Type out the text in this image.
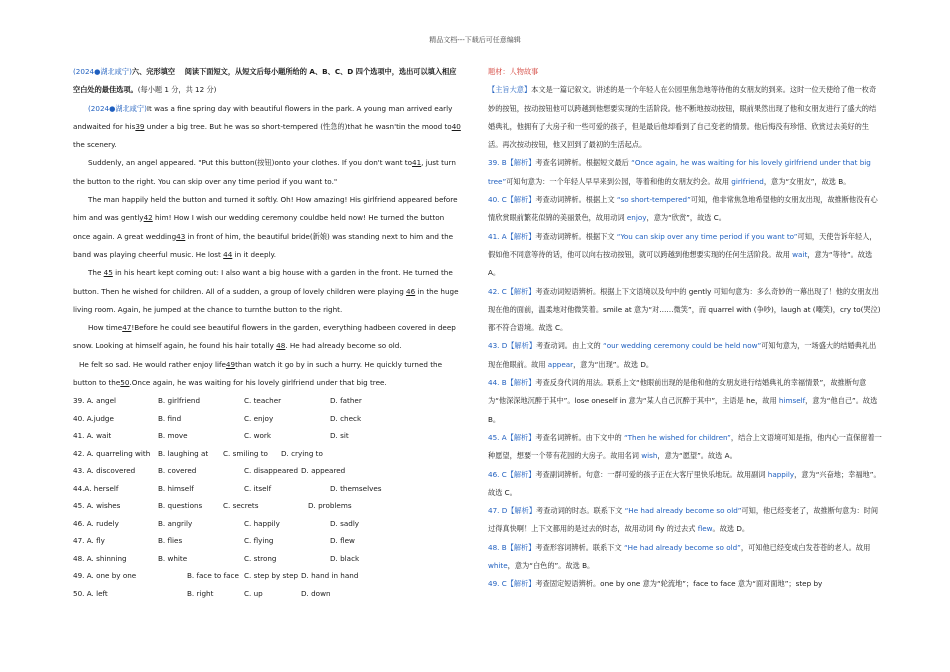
精品文档---下载后可任意编辑

(2024●湖北咸宁)六、完形填空　 阅读下面短文，从短文后每小题所给的 A、B、C、D 四个选项中，选出可以填入相应空白处的最佳选项。(每小题 1 分，共 12 分)

(2024●湖北咸宁)It was a fine spring day with beautiful flowers in the park. A young man arrived early andwaited for his39 under a big tree. But he was so short-tempered (性急的)that he wasn'tin the mood to40 the scenery.

Suddenly, an angel appeared. "Put this button(按钮)onto your clothes. If you don't want to41, just turn the button to the right. You can skip over any time period if you want to."

The man happily held the button and turned it softly. Oh! How amazing! His girlfriend appeared before him and was gently42 him! How I wish our wedding ceremony couldbe held now! He turned the button once again. A great wedding43 in front of him, the beautiful bride(新娘) was standing next to him and the band was playing cheerful music. He lost 44 in it deeply.

The 45 in his heart kept coming out: I also want a big house with a garden in the front. He turned the button. Then he wished for children. All of a sudden, a group of lovely children were playing 46 in the huge living room. Again, he jumped at the chance to turnthe button to the right.

How time47!Before he could see beautiful flowers in the garden, everything hadbeen covered in deep snow. Looking at himself again, he found his hair totally 48. He had already become so old.

He felt so sad. He would rather enjoy life49than watch it go by in such a hurry. He quickly turned the button to the50.Once again, he was waiting for his lovely girlfriend under that big tree.

39. A. angel	B. girlfriend	C. teacher	D. father
40. A.judge	B. find	C. enjoy	D. check
41. A. wait	B. move	C. work	D. sit
42. A. quarreling with B. laughing at C. smiling to D. crying to
43. A. discovered	B. covered	C. disappeared D. appeared
44.A. herself	B. himself	C. itself	D. themselves
45. A. wishes	B. questions	C. secrets	D. problems
46. A. rudely	B. angrily	C. happily	D. sadly
47. A. fly	B. flies	C. flying	D. flew
48. A. shinning	B. white	C. strong	D. black
49. A. one by one	B. face to face C. step by step D. hand in hand
50. A. left	B. right	C. up	D. down

题材：人物故事

【主旨大意】本文是一篇记叙文。讲述的是一个年轻人在公园里焦急地等待他的女朋友的到来。这时一位天使给了他一枚奇妙的按钮，按动按钮他可以跨越到他想要实现的生活阶段。他不断地按动按钮，眼前果然出现了他和女朋友进行了盛大的结婚典礼，他拥有了大房子和一些可爱的孩子，但是最后他却看到了自己变老的情景。他后悔没有珍惜、欣赏过去美好的生活。再次按动按钮，他又回到了最初的生活起点。

39. B【解析】考查名词辨析。根据短文最后 “Once again, he was waiting for his lovely girlfriend under that big tree”可知句意为：一个年轻人早早来到公园，等着和他的女朋友约会。故用 girlfriend，意为“女朋友”，故选 B。

40. C【解析】考查动词辨析。根据上文 “so short-tempered”可知，他非常焦急地希望他的女朋友出现，故推断他没有心情欣赏眼前繁花似锦的美丽景色，故用动词 enjoy，意为“欣赏”，故选 C。

41. A【解析】考查动词辨析。根据下文 “You can skip over any time period if you want to”可知，天使告诉年轻人，假如他不同意等待的话，他可以向右按动按钮，就可以跨越到他想要实现的任何生活阶段。故用 wait，意为“等待”。故选 A。

42. C【解析】考查动词短语辨析。根据上下文语境以及句中的 gently 可知句意为：多么奇妙的一幕出现了！他的女朋友出现在他的面前，温柔地对他微笑着。smile at 意为“对……微笑”，而 quarrel with (争吵)，laugh at (嘲笑)，cry to(哭泣)都不符合语境。故选 C。

43. D【解析】考查动词。由上文的 “our wedding ceremony could be held now”可知句意为，一场盛大的结婚典礼出现在他眼前。故用 appear，意为“出现”。故选 D。

44. B【解析】考查反身代词的用法。联系上文“他眼前出现的是他和他的女朋友进行结婚典礼的幸福情景”，故推断句意为“他深深地沉醉于其中”。lose oneself in 意为“某人自己沉醉于其中”，主语是 he，故用 himself，意为“他自己”。故选 B。

45. A【解析】考查名词辨析。由下文中的 “Then he wished for children”，结合上文语境可知是指，他内心一直保留着一种愿望，想要一个带有花园的大房子。故用名词 wish，意为“愿望”。故选 A。

46. C【解析】考查副词辨析。句意：一群可爱的孩子正在大客厅里快乐地玩。故用副词 happily，意为“兴奋地；幸福地”。故选 C。

47. D【解析】考查动词的时态。联系下文 “He had already become so old”可知，他已经变老了，故推断句意为：时间过得真快啊！上下文都用的是过去的时态，故用动词 fly 的过去式 flew。故选 D。

48. B【解析】考查形容词辨析。联系下文 “He had already become so old”，可知他已经变成白发苍苍的老人。故用 white，意为“白色的”。故选 B。

49. C【解析】考查固定短语辨析。one by one 意为“轮流地”；face to face 意为“面对面地”；step by
